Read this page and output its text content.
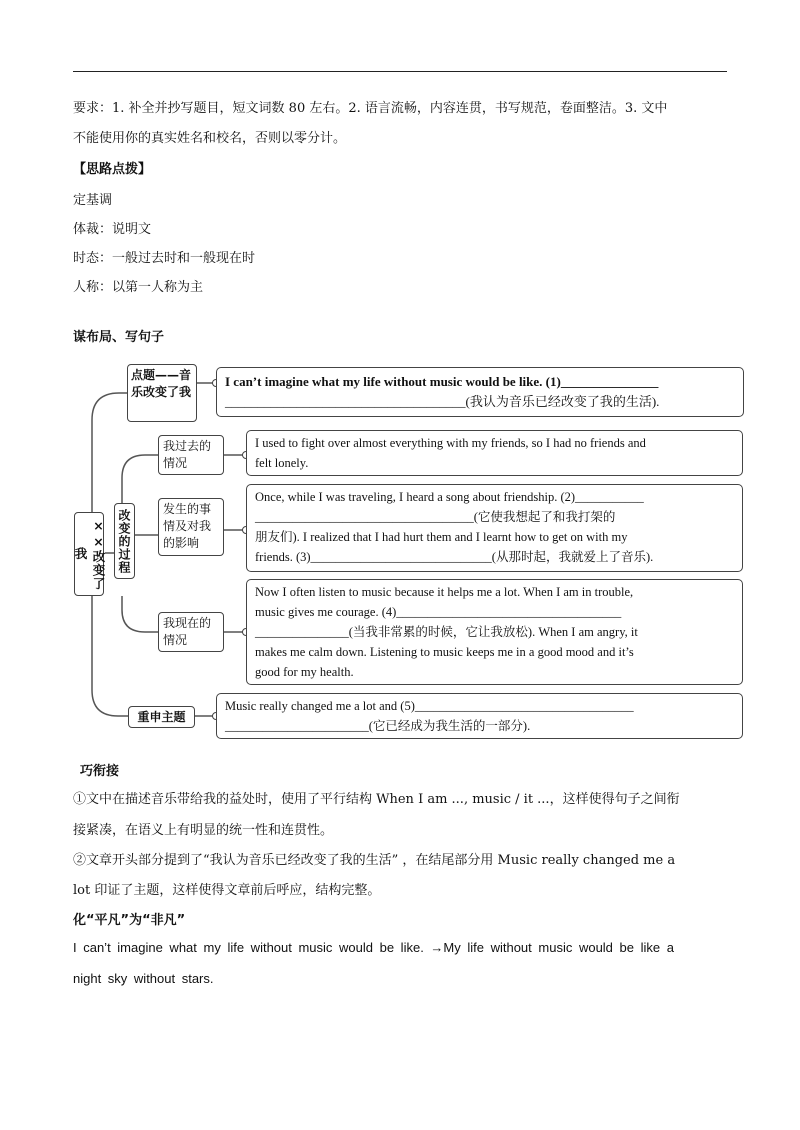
要求：1. 补全并抄写题目，短文词数 80 左右。2. 语言流畅，内容连贯，书写规范，卷面整洁。3. 文中
不能使用你的真实姓名和校名，否则以零分计。
【思路点拨】
定基调
体裁：说明文
时态：一般过去时和一般现在时
人称：以第一人称为主
谋布局、写句子
××改变了我	改变的过程
点题——音乐改变了我
I can’t imagine what my life without music would be like. (1)_______________
_____________________________________(我认为音乐已经改变了我的生活).
我过去的情况
I used to fight over almost everything with my friends, so I had no friends and
felt lonely.
发生的事情及对我的影响
Once, while I was traveling, I heard a song about friendship. (2)___________
___________________________________(它使我想起了和我打架的
朋友们). I realized that I had hurt them and I learnt how to get on with my
friends. (3)_____________________________(从那时起，我就爱上了音乐).
我现在的情况
Now I often listen to music because it helps me a lot. When I am in trouble,
music gives me courage. (4)____________________________________
_______________(当我非常累的时候，它让我放松). When I am angry, it
makes me calm down. Listening to music keeps me in a good mood and it’s
good for my health.
重申主题
Music really changed me a lot and (5)___________________________________
_______________________(它已经成为我生活的一部分).
巧衔接
①文中在描述音乐带给我的益处时，使用了平行结构 When I am ..., music / it ...，这样使得句子之间衔
接紧凑，在语义上有明显的统一性和连贯性。
②文章开头部分提到了“我认为音乐已经改变了我的生活” ，在结尾部分用 Music really changed me a
lot 印证了主题，这样使得文章前后呼应，结构完整。
化“平凡”为“非凡”
I can’t imagine what my life without music would be like. →My life without music would be like a
night sky without stars.
